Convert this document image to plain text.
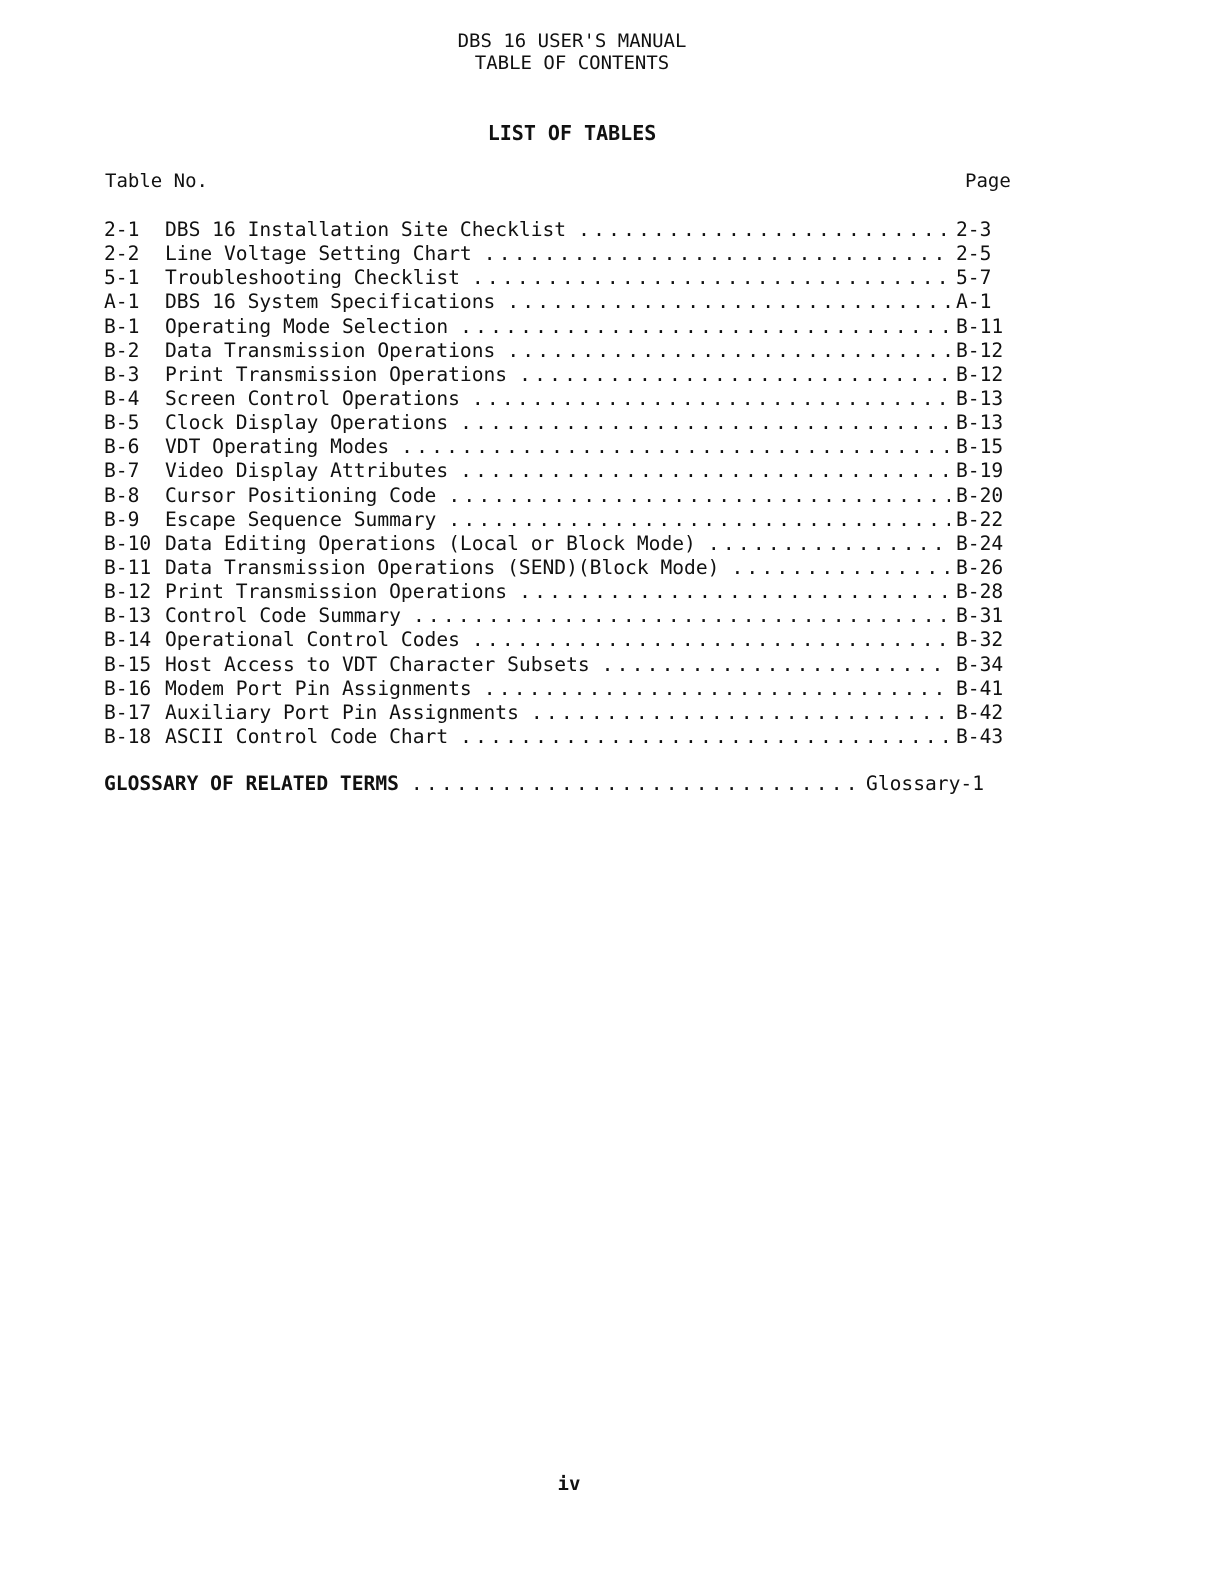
DBS 16 USER'S MANUAL
TABLE OF CONTENTS
LIST OF TABLES
Table No.	Page
2-1	DBS 16 Installation Site Checklist . . .	2-3
2-2	Line Voltage Setting Chart . . .	2-5
5-1	Troubleshooting Checklist . . .	5-7
A-1	DBS 16 System Specifications . . .	A-1
B-1	Operating Mode Selection . . .	B-11
B-2	Data Transmission Operations . . .	B-12
B-3	Print Transmission Operations . . .	B-12
B-4	Screen Control Operations . . .	B-13
B-5	Clock Display Operations . . .	B-13
B-6	VDT Operating Modes . . .	B-15
B-7	Video Display Attributes . . .	B-19
B-8	Cursor Positioning Code . . .	B-20
B-9	Escape Sequence Summary . . .	B-22
B-10 Data Editing Operations (Local or Block Mode) . . .	B-24
B-11 Data Transmission Operations (SEND)(Block Mode) . . .	B-26
B-12 Print Transmission Operations . . .	B-28
B-13 Control Code Summary . . .	B-31
B-14 Operational Control Codes . . .	B-32
B-15 Host Access to VDT Character Subsets . . .	B-34
B-16 Modem Port Pin Assignments . . .	B-41
B-17 Auxiliary Port Pin Assignments . . .	B-42
B-18 ASCII Control Code Chart . . .	B-43
GLOSSARY OF RELATED TERMS . . .	Glossary-1
iv
